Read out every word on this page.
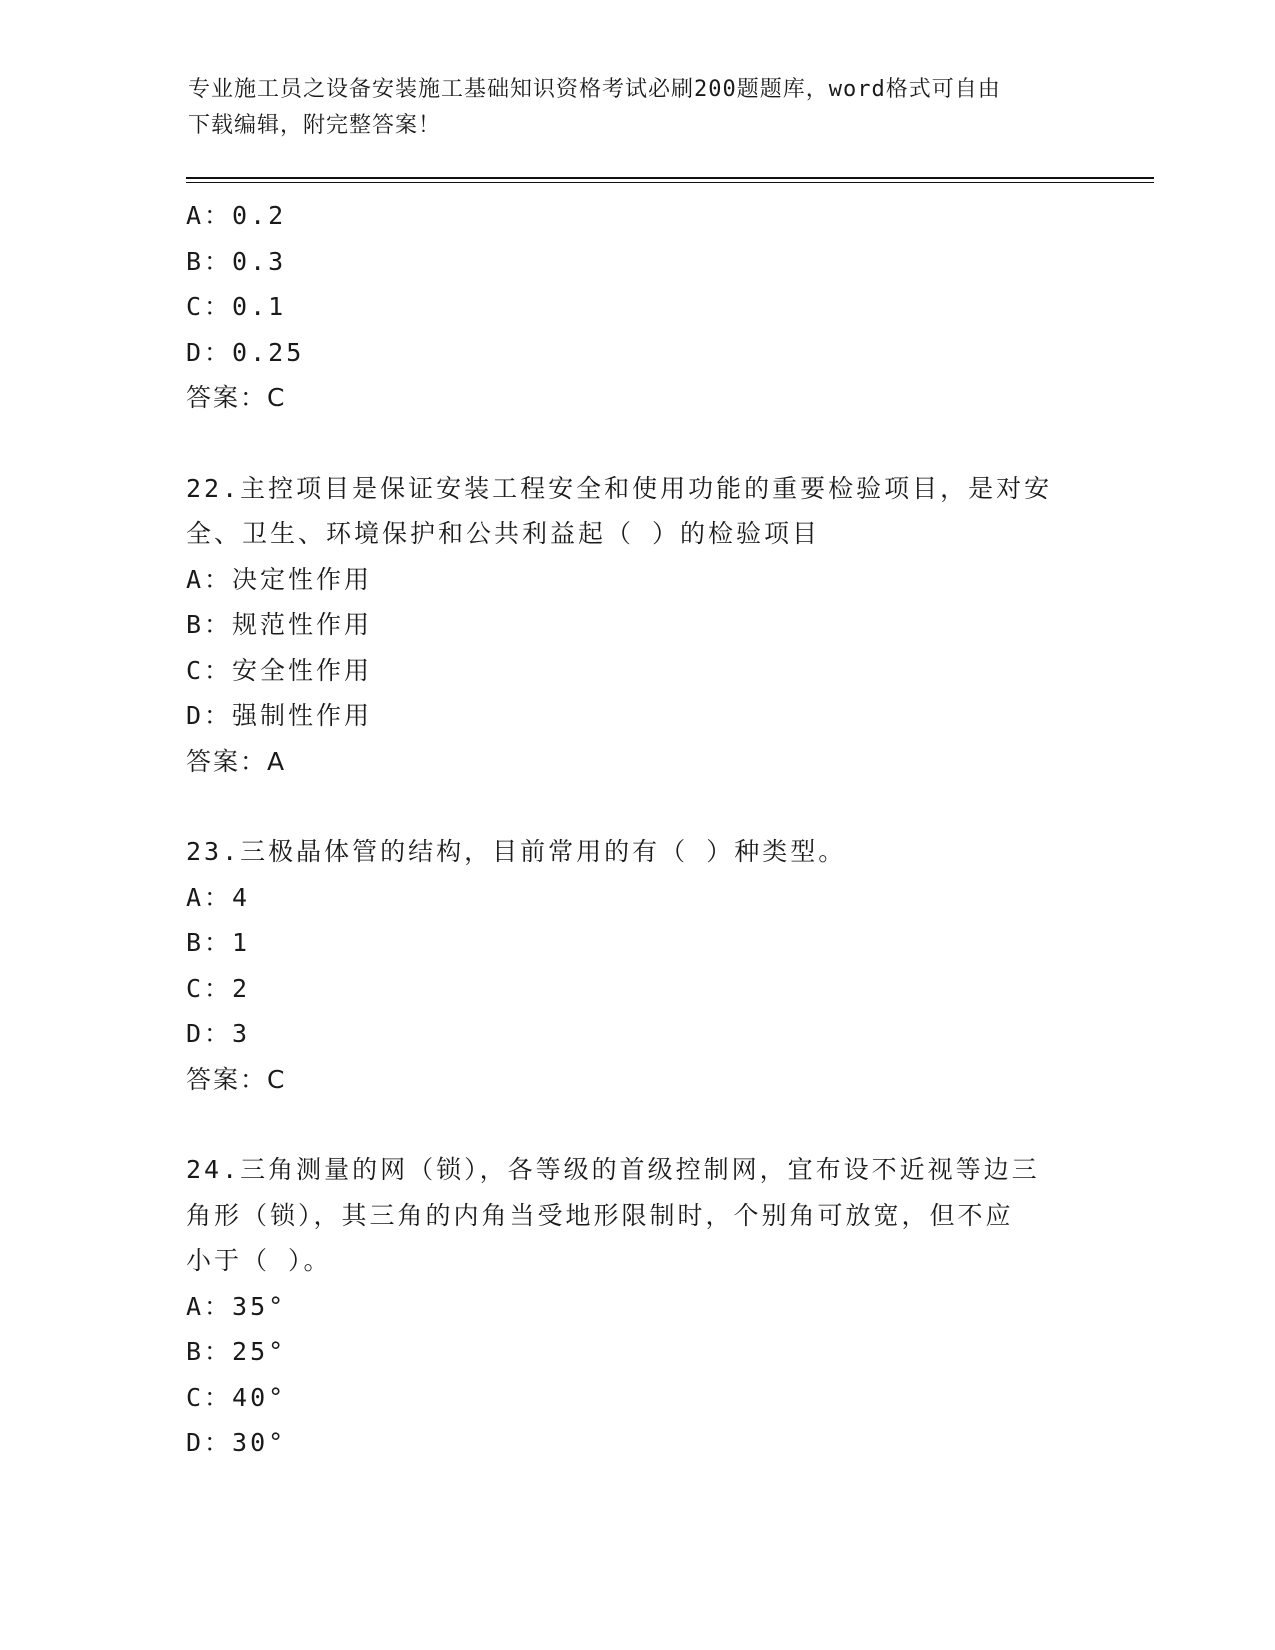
专业施工员之设备安装施工基础知识资格考试必刷200题题库，word格式可自由
下载编辑，附完整答案！
A：0.2
B：0.3
C：0.1
D：0.25
答案：C
22.主控项目是保证安装工程安全和使用功能的重要检验项目，是对安
全、卫生、环境保护和公共利益起（ ）的检验项目
A：决定性作用
B：规范性作用
C：安全性作用
D：强制性作用
答案：A
23.三极晶体管的结构，目前常用的有（ ）种类型。
A：4
B：1
C：2
D：3
答案：C
24.三角测量的网（锁），各等级的首级控制网，宜布设不近视等边三
角形（锁），其三角的内角当受地形限制时，个别角可放宽，但不应
小于（ ）。
A：35°
B：25°
C：40°
D：30°
